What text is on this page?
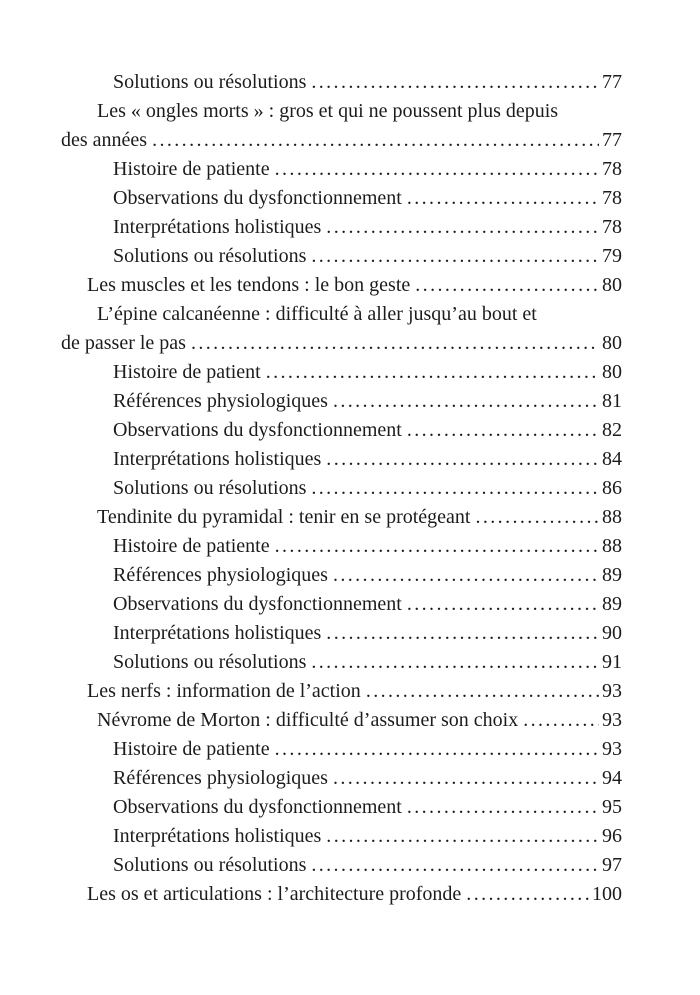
Solutions ou résolutions .....	77
Les « ongles morts » : gros et qui ne poussent plus depuis
des années .....	77
Histoire de patiente .....	78
Observations du dysfonctionnement .....	78
Interprétations holistiques .....	78
Solutions ou résolutions .....	79
Les muscles et les tendons : le bon geste .....	80
L’épine calcanéenne : difficulté à aller jusqu’au bout et
de passer le pas .....	80
Histoire de patient .....	80
Références physiologiques .....	81
Observations du dysfonctionnement .....	82
Interprétations holistiques .....	84
Solutions ou résolutions .....	86
Tendinite du pyramidal : tenir en se protégeant .....	88
Histoire de patiente .....	88
Références physiologiques .....	89
Observations du dysfonctionnement .....	89
Interprétations holistiques .....	90
Solutions ou résolutions .....	91
Les nerfs : information de l’action .....	93
Névrome de Morton : difficulté d’assumer son choix .....	93
Histoire de patiente .....	93
Références physiologiques .....	94
Observations du dysfonctionnement .....	95
Interprétations holistiques .....	96
Solutions ou résolutions .....	97
Les os et articulations : l’architecture profonde .....	100
